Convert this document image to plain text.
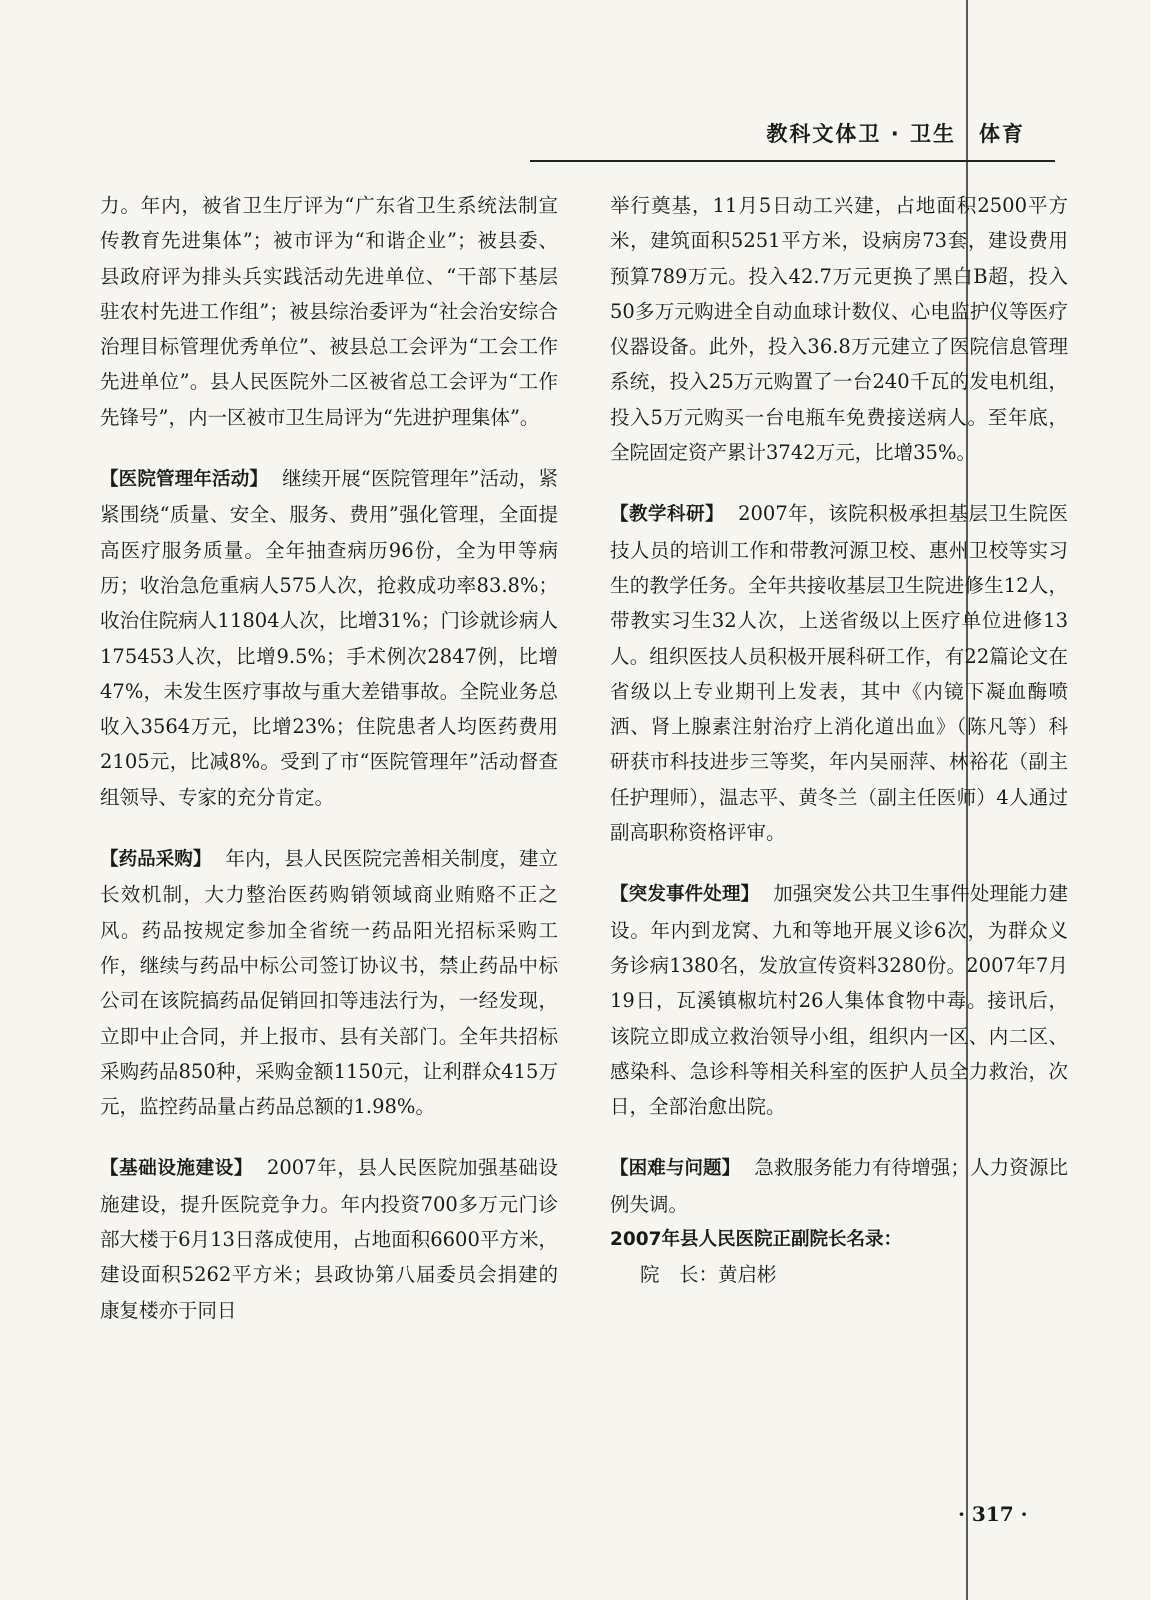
教科文体卫 · 卫生　体育

力。年内，被省卫生厅评为“广东省卫生系统法制宣传教育先进集体”；被市评为“和谐企业”；被县委、县政府评为排头兵实践活动先进单位、“干部下基层驻农村先进工作组”；被县综治委评为“社会治安综合治理目标管理优秀单位”、被县总工会评为“工会工作先进单位”。县人民医院外二区被省总工会评为“工作先锋号”，内一区被市卫生局评为“先进护理集体”。

【医院管理年活动】 继续开展“医院管理年”活动，紧紧围绕“质量、安全、服务、费用”强化管理，全面提高医疗服务质量。全年抽查病历96份，全为甲等病历；收治急危重病人575人次，抢救成功率83.8%；收治住院病人11804人次，比增31%；门诊就诊病人175453人次，比增9.5%；手术例次2847例，比增47%，未发生医疗事故与重大差错事故。全院业务总收入3564万元，比增23%；住院患者人均医药费用2105元，比减8%。受到了市“医院管理年”活动督查组领导、专家的充分肯定。

【药品采购】 年内，县人民医院完善相关制度，建立长效机制，大力整治医药购销领域商业贿赂不正之风。药品按规定参加全省统一药品阳光招标采购工作，继续与药品中标公司签订协议书，禁止药品中标公司在该院搞药品促销回扣等违法行为，一经发现，立即中止合同，并上报市、县有关部门。全年共招标采购药品850种，采购金额1150元，让利群众415万元，监控药品量占药品总额的1.98%。

【基础设施建设】 2007年，县人民医院加强基础设施建设，提升医院竞争力。年内投资700多万元门诊部大楼于6月13日落成使用，占地面积6600平方米，建设面积5262平方米；县政协第八届委员会捐建的康复楼亦于同日

举行奠基，11月5日动工兴建，占地面积2500平方米，建筑面积5251平方米，设病房73套，建设费用预算789万元。投入42.7万元更换了黑白B超，投入50多万元购进全自动血球计数仪、心电监护仪等医疗仪器设备。此外，投入36.8万元建立了医院信息管理系统，投入25万元购置了一台240千瓦的发电机组，投入5万元购买一台电瓶车免费接送病人。至年底，全院固定资产累计3742万元，比增35%。

【教学科研】 2007年，该院积极承担基层卫生院医技人员的培训工作和带教河源卫校、惠州卫校等实习生的教学任务。全年共接收基层卫生院进修生12人，带教实习生32人次，上送省级以上医疗单位进修13人。组织医技人员积极开展科研工作，有22篇论文在省级以上专业期刊上发表，其中《内镜下凝血酶喷洒、肾上腺素注射治疗上消化道出血》（陈凡等）科研获市科技进步三等奖，年内吴丽萍、林裕花（副主任护理师），温志平、黄冬兰（副主任医师）4人通过副高职称资格评审。

【突发事件处理】 加强突发公共卫生事件处理能力建设。年内到龙窝、九和等地开展义诊6次，为群众义务诊病1380名，发放宣传资料3280份。2007年7月19日，瓦溪镇椒坑村26人集体食物中毒。接讯后，该院立即成立救治领导小组，组织内一区、内二区、感染科、急诊科等相关科室的医护人员全力救治，次日，全部治愈出院。

【困难与问题】 急救服务能力有待增强；人力资源比例失调。

2007年县人民医院正副院长名录：

院　长：黄启彬

· 317 ·
